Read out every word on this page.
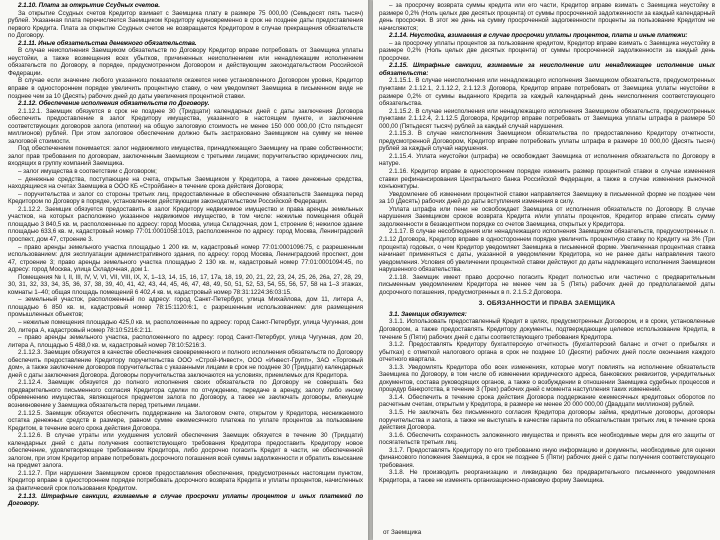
2.1.10. Плата за открытие Ссудных счетов.

За открытие Ссудных счетов Кредитор взимает с Заемщика плату в размере 75 000,00 (Семьдесят пять тысяч) рублей. Указанная плата перечисляется Заемщиком Кредитору единовременно в срок не позднее даты предоставления первого Кредита. Плата за открытие Ссудных счетов не возвращается Кредитором в случае прекращения обязательств по Договору.

2.1.11. Иные обязательства денежного обязательства.

В случае неисполнения Заемщиком обязательств по Договору Кредитор вправе потребовать от Заемщика уплаты неустойки, а также возмещения всех убытков, причиненных неисполнением или ненадлежащим исполнением обязательств по Договору, в порядке, предусмотренном Договором и действующим законодательством Российской Федерации.

В случае если значение любого указанного показателя окажется ниже установленного Договором уровня, Кредитор вправе в одностороннем порядке увеличить процентную ставку, о чем уведомляет Заемщика в письменном виде не позднее чем за 10 (Десять) рабочих дней до даты увеличения процентной ставки.

2.1.12. Обеспечение исполнения обязательств по Договору.

2.1.12.1. Заемщик обязуется в срок не позднее 30 (Тридцати) календарных дней с даты заключения Договора обеспечить предоставление в залог Кредитору имущества, указанного в настоящем пункте, и заключение соответствующих договоров залога (ипотеки) на общую залоговую стоимость не менее 150 000 000,00 (Сто пятьдесят миллионов) рублей. При этом залоговое обеспечение должно быть застраховано Заемщиком на сумму не менее залоговой стоимости.

Под обеспечением понимается: залог недвижимого имущества, принадлежащего Заемщику на праве собственности; залог прав требования по договорам, заключенным Заемщиком с третьими лицами; поручительство юридических лиц, входящих в группу компаний Заемщика.

– залог имущества в соответствии с Договором;

– денежные средства, поступающие на счета, открытые Заемщиком у Кредитора, а также денежные средства, находящиеся на счетах Заемщика в ООО КБ «Стройбанк» в течение срока действия Договора;

– поручительства и залог со стороны третьих лиц, предоставленные в обеспечение обязательств Заемщика перед Кредитором по Договору в порядке, установленном действующим законодательством Российской Федерации.

2.1.12.2. Заемщик обязуется предоставить в залог Кредитору недвижимое имущество и права аренды земельных участков, на которых расположено указанное недвижимое имущество, в том числе: нежилые помещения общей площадью 3 840,5 кв. м, расположенные по адресу: город Москва, улица Складочная, дом 1, строение 6; нежилое здание площадью 633,6 кв. м, кадастровый номер 77:01:0001058:1013, расположенное по адресу: город Москва, Ленинградский проспект, дом 47, строение 3.

– право аренды земельного участка площадью 1 200 кв. м, кадастровый номер 77:01:0001096:75, с разрешенным использованием: для эксплуатации административного здания, по адресу: город Москва, Ленинградский проспект, дом 47, строение 3; право аренды земельного участка площадью 2 130 кв. м, кадастровый номер 77:01:0001094:45, по адресу: город Москва, улица Складочная, дом 1.

Помещения № I, II, III, IV, V, VI, VII, VIII, IX, X, 1–13, 14, 15, 16, 17, 17а, 18, 19, 20, 21, 22, 23, 24, 25, 26, 26а, 27, 28, 29, 30, 31, 32, 33, 34, 35, 36, 37, 38, 39, 40, 41, 42, 43, 44, 45, 46, 47, 48, 49, 50, 51, 52, 53, 54, 55, 56, 57, 58 на 1–3 этажах, комнаты 1–40; общая площадь помещений 6 402,4 кв. м, кадастровый номер 78:31:1224:36:03:15.

– земельный участок, расположенный по адресу: город Санкт-Петербург, улица Михайлова, дом 11, литера А, площадью 6 850 кв. м, кадастровый номер 78:15:1120:6:1, с разрешенным использованием: для размещения промышленных объектов;

– нежилые помещения площадью 425,0 кв. м, расположенные по адресу: город Санкт-Петербург, улица Чугунная, дом 20, литера А, кадастровый номер 78:10:5216:2:11.

– право аренды земельного участка, расположенного по адресу: город Санкт-Петербург, улица Чугунная, дом 20, литера А, площадью 5 488,0 кв. м, кадастровый номер 78:10:5216:3.

2.1.12.3. Заемщик обязуется в качестве обеспечения своевременного и полного исполнения обязательств по Договору обеспечить предоставление Кредитору поручительства ООО «Строй-Инвест», ООО «Инвест-Групп», ЗАО «Торговый дом», а также заключение договоров поручительства с указанными лицами в срок не позднее 30 (Тридцати) календарных дней с даты заключения Договора. Договоры поручительства заключаются на условиях, приемлемых для Кредитора.

2.1.12.4. Заемщик обязуется до полного исполнения своих обязательств по Договору не совершать без предварительного письменного согласия Кредитора сделки по отчуждению, передаче в аренду, залогу либо иному обременению имущества, являющегося предметом залога по Договору, а также не заключать договоры, влекущие возникновение у Заемщика обязательств перед третьими лицами.

2.1.12.5. Заемщик обязуется обеспечить поддержание на Залоговом счете, открытом у Кредитора, неснижаемого остатка денежных средств в размере, равном сумме ежемесячного платежа по уплате процентов за пользование Кредитом, в течение всего срока действия Договора.

2.1.12.6. В случае утраты или ухудшения условий обеспечения Заемщик обязуется в течение 30 (Тридцати) календарных дней с даты получения соответствующего требования Кредитора предоставить Кредитору новое обеспечение, удовлетворяющее требованиям Кредитора, либо досрочно погасить Кредит в части, не обеспеченной залогом, при этом Кредитор вправе потребовать досрочного погашения всей суммы задолженности и обратить взыскание на предмет залога.

2.1.12.7. При нарушении Заемщиком сроков предоставления обеспечения, предусмотренных настоящим пунктом, Кредитор вправе в одностороннем порядке потребовать досрочного возврата Кредита и уплаты процентов, начисленных за фактический срок пользования Кредитом.

2.1.13. Штрафные санкции, взимаемые в случае просрочки уплаты процентов и иных платежей по Договору.

– за просрочку возврата суммы кредита или его части, Кредитор вправе взимать с Заемщика неустойку в размере 0,2% (Ноль целых две десятых процента) от суммы просроченной задолженности за каждый календарный день просрочки. В этот же день на сумму просроченной задолженности проценты за пользование Кредитом не начисляются;

2.1.14. Неустойка, взимаемая в случае просрочки уплаты процентов, плата и иные платежи:

– за просрочку уплаты процентов за пользование кредитом, Кредитор вправе взимать с Заемщика неустойку в размере 0,2% (Ноль целых две десятых процента) от суммы просроченной задолженности за каждый день просрочки.

2.1.15. Штрафные санкции, взимаемые за неисполнение или ненадлежащее исполнение иных обязательств:

2.1.15.1. В случае неисполнения или ненадлежащего исполнения Заемщиком обязательств, предусмотренных пунктами 2.1.12.1, 2.1.12.2, 2.1.12.3 Договора, Кредитор вправе потребовать от Заемщика уплаты неустойки в размере 0,2% от суммы выданного Кредита за каждый календарный день неисполнения соответствующего обязательства.

2.1.15.2. В случае неисполнения или ненадлежащего исполнения Заемщиком обязательств, предусмотренных пунктами 2.1.12.4, 2.1.12.5 Договора, Кредитор вправе потребовать от Заемщика уплаты штрафа в размере 50 000,00 (Пятьдесят тысяч) рублей за каждый случай нарушения.

2.1.15.3. В случае неисполнения Заемщиком обязательства по предоставлению Кредитору отчетности, предусмотренной Договором, Кредитор вправе потребовать уплаты штрафа в размере 10 000,00 (Десять тысяч) рублей за каждый случай нарушения.

2.1.15.4. Уплата неустойки (штрафа) не освобождает Заемщика от исполнения обязательств по Договору в натуре.

2.1.16. Кредитор вправе в одностороннем порядке изменить размер процентной ставки в случае изменения ставки рефинансирования Центрального банка Российской Федерации, а также в случае изменения рыночной конъюнктуры.

Уведомление об изменении процентной ставки направляется Заемщику в письменной форме не позднее чем за 10 (Десять) рабочих дней до даты вступления изменения в силу.

Уплата штрафа или пени не освобождает Заемщика от исполнения обязательств по Договору. В случае нарушения Заемщиком сроков возврата Кредита и/или уплаты процентов, Кредитор вправе списать сумму задолженности в безакцептном порядке со счетов Заемщика, открытых у Кредитора.

2.1.17. В случае несоблюдения или ненадлежащего исполнения Заемщиком обязательств, предусмотренных п. 2.1.12 Договора, Кредитор вправе в одностороннем порядке увеличить процентную ставку по Кредиту на 3% (Три процента) годовых, о чем Кредитор уведомляет Заемщика в письменной форме. Увеличенная процентная ставка начинает применяться с даты, указанной в уведомлении Кредитора, но не ранее даты направления такого уведомления. Условия об увеличении процентной ставки действуют до даты надлежащего исполнения Заемщиком нарушенного обязательства.

2.1.18. Заемщик имеет право досрочно погасить Кредит полностью или частично с предварительным письменным уведомлением Кредитора не менее чем за 5 (Пять) рабочих дней до предполагаемой даты досрочного погашения, предусмотренных в п. 2.1.5.2 Договора.

3. ОБЯЗАННОСТИ И ПРАВА ЗАЕМЩИКА

3.1. Заемщик обязуется:

3.1.1. Использовать предоставленный Кредит в целях, предусмотренных Договором, и в сроки, установленные Договором, а также предоставлять Кредитору документы, подтверждающие целевое использование Кредита, в течение 5 (Пяти) рабочих дней с даты соответствующего требования Кредитора.

3.1.2. Предоставлять Кредитору бухгалтерскую отчетность (бухгалтерский баланс и отчет о прибылях и убытках) с отметкой налогового органа в срок не позднее 10 (Десяти) рабочих дней после окончания каждого отчетного квартала.

3.1.3. Уведомлять Кредитора обо всех изменениях, которые могут повлиять на исполнение обязательств Заемщика по Договору, в том числе об изменении юридического адреса, банковских реквизитов, учредительных документов, состава руководящих органов, а также о возбуждении в отношении Заемщика судебных процессов и процедур банкротства, в течение 3 (Трех) рабочих дней с момента наступления таких изменений.

3.1.4. Обеспечить в течение срока действия Договора поддержание ежемесячных кредитовых оборотов по расчетным счетам, открытым у Кредитора, в размере не менее 20 000 000,00 (Двадцати миллионов) рублей.

3.1.5. Не заключать без письменного согласия Кредитора договоры займа, кредитные договоры, договоры поручительства и залога, а также не выступать в качестве гаранта по обязательствам третьих лиц в течение срока действия Договора.

3.1.6. Обеспечить сохранность заложенного имущества и принять все необходимые меры для его защиты от посягательств третьих лиц.

3.1.7. Предоставлять Кредитору по его требованию иную информацию и документы, необходимые для оценки финансового положения Заемщика, в срок не позднее 5 (Пяти) рабочих дней с даты получения соответствующего требования.

3.1.8. Не производить реорганизацию и ликвидацию без предварительного письменного уведомления Кредитора, а также не изменять организационно-правовую форму Заемщика.

от Заемщика
